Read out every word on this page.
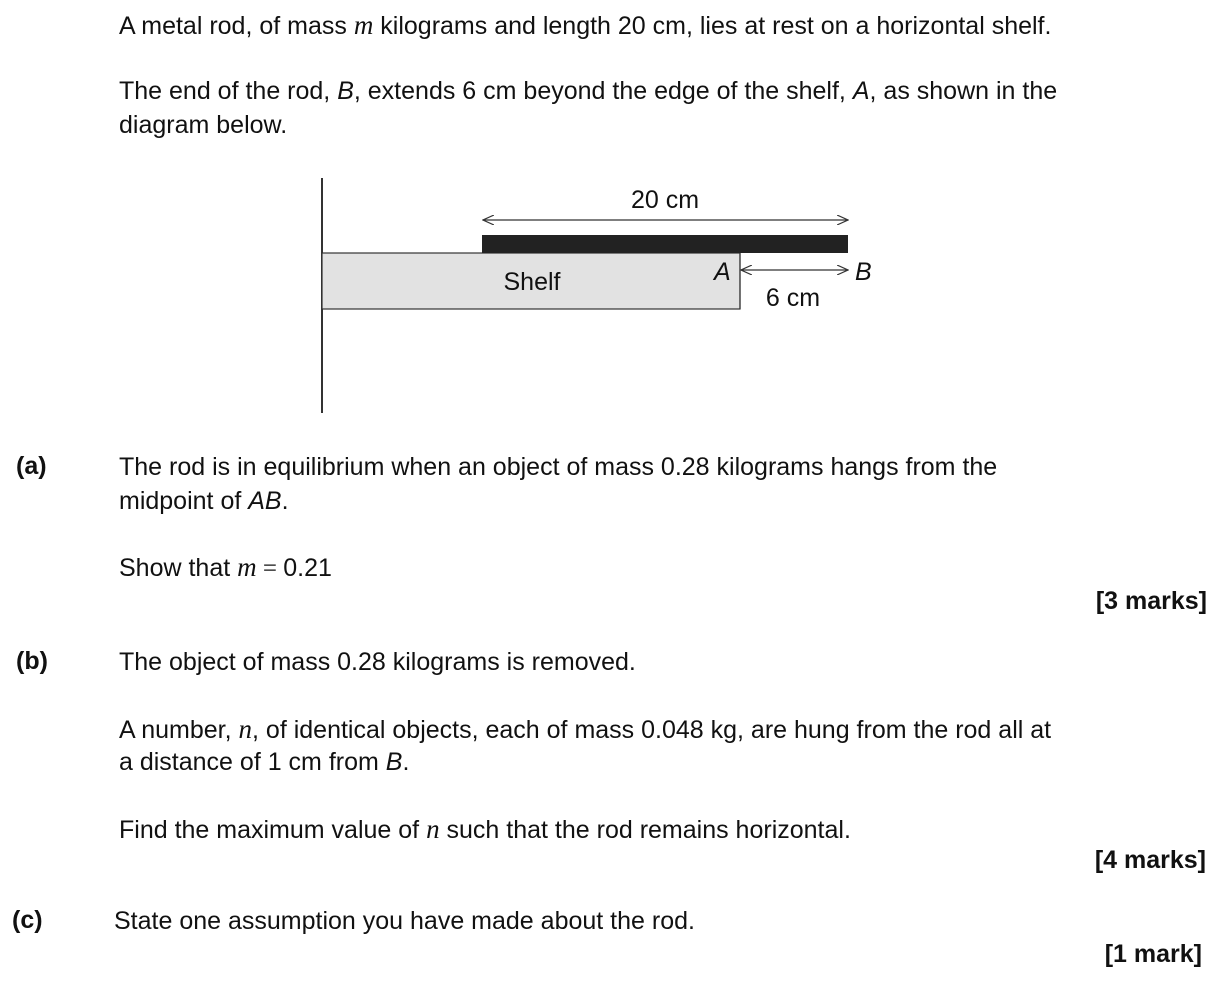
A metal rod, of mass m kilograms and length 20 cm, lies at rest on a horizontal shelf.
The end of the rod, B, extends 6 cm beyond the edge of the shelf, A, as shown in the
diagram below.
20 cm
Shelf	A	B
6 cm
(a)	The rod is in equilibrium when an object of mass 0.28 kilograms hangs from the
midpoint of AB.
Show that m = 0.21
[3 marks]
(b)	The object of mass 0.28 kilograms is removed.
A number, n, of identical objects, each of mass 0.048 kg, are hung from the rod all at
a distance of 1 cm from B.
Find the maximum value of n such that the rod remains horizontal.
[4 marks]
(c)	State one assumption you have made about the rod.
[1 mark]
